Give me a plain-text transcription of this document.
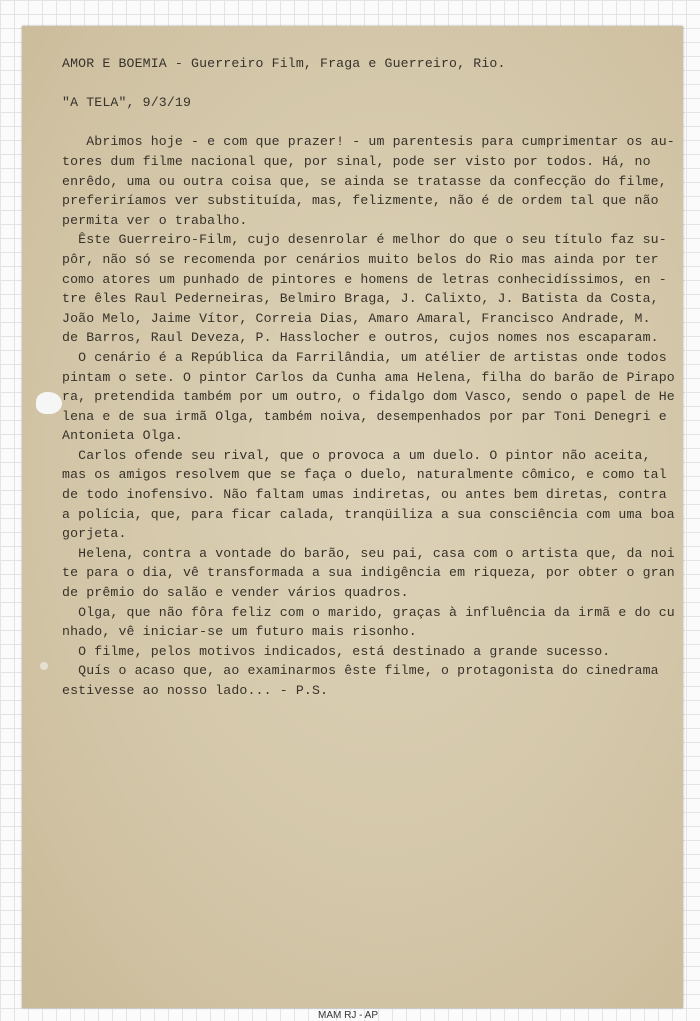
AMOR E BOEMIA - Guerreiro Film, Fraga e Guerreiro, Rio.
"A TELA", 9/3/19
Abrimos hoje - e com que prazer! - um parentesis para cumprimentar os au-
tores dum filme nacional que, por sinal, pode ser visto por todos. Há, no
enrêdo, uma ou outra coisa que, se ainda se tratasse da confecção do filme,
preferiríamos ver substituída, mas, felizmente, não é de ordem tal que não
permita ver o trabalho.
Êste Guerreiro-Film, cujo desenrolar é melhor do que o seu título faz su-
pôr, não só se recomenda por cenários muito belos do Rio mas ainda por ter
como atores um punhado de pintores e homens de letras conhecidíssimos, en -
tre êles Raul Pederneiras, Belmiro Braga, J. Calixto, J. Batista da Costa,
João Melo, Jaime Vítor, Correia Dias, Amaro Amaral, Francisco Andrade, M.
de Barros, Raul Deveza, P. Hasslocher e outros, cujos nomes nos escaparam.
O cenário é a República da Farrilândia, um atélier de artistas onde todos
pintam o sete. O pintor Carlos da Cunha ama Helena, filha do barão de Pirapo
ra, pretendida também por um outro, o fidalgo dom Vasco, sendo o papel de He
lena e de sua irmã Olga, também noiva, desempenhados por par Toni Denegri e
Antonieta Olga.
Carlos ofende seu rival, que o provoca a um duelo. O pintor não aceita,
mas os amigos resolvem que se faça o duelo, naturalmente cômico, e como tal
de todo inofensivo. Não faltam umas indiretas, ou antes bem diretas, contra
a polícia, que, para ficar calada, tranqüiliza a sua consciência com uma boa
gorjeta.
Helena, contra a vontade do barão, seu pai, casa com o artista que, da noi
te para o dia, vê transformada a sua indigência em riqueza, por obter o gran
de prêmio do salão e vender vários quadros.
Olga, que não fôra feliz com o marido, graças à influência da irmã e do cu
nhado, vê iniciar-se um futuro mais risonho.
O filme, pelos motivos indicados, está destinado a grande sucesso.
Quís o acaso que, ao examinarmos êste filme, o protagonista do cinedrama
estivesse ao nosso lado... - P.S.
MAM RJ - AP
